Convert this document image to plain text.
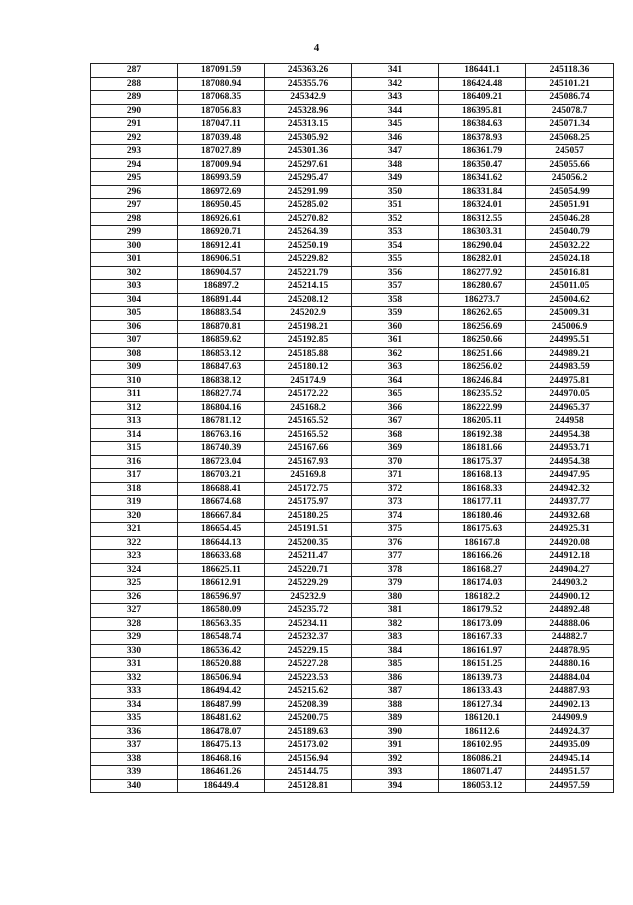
4
287	187091.59	245363.26	341	186441.1	245118.36
288	187080.94	245355.76	342	186424.48	245101.21
289	187068.35	245342.9	343	186409.21	245086.74
290	187056.83	245328.96	344	186395.81	245078.7
291	187047.11	245313.15	345	186384.63	245071.34
292	187039.48	245305.92	346	186378.93	245068.25
293	187027.89	245301.36	347	186361.79	245057
294	187009.94	245297.61	348	186350.47	245055.66
295	186993.59	245295.47	349	186341.62	245056.2
296	186972.69	245291.99	350	186331.84	245054.99
297	186950.45	245285.02	351	186324.01	245051.91
298	186926.61	245270.82	352	186312.55	245046.28
299	186920.71	245264.39	353	186303.31	245040.79
300	186912.41	245250.19	354	186290.04	245032.22
301	186906.51	245229.82	355	186282.01	245024.18
302	186904.57	245221.79	356	186277.92	245016.81
303	186897.2	245214.15	357	186280.67	245011.05
304	186891.44	245208.12	358	186273.7	245004.62
305	186883.54	245202.9	359	186262.65	245009.31
306	186870.81	245198.21	360	186256.69	245006.9
307	186859.62	245192.85	361	186250.66	244995.51
308	186853.12	245185.88	362	186251.66	244989.21
309	186847.63	245180.12	363	186256.02	244983.59
310	186838.12	245174.9	364	186246.84	244975.81
311	186827.74	245172.22	365	186235.52	244970.05
312	186804.16	245168.2	366	186222.99	244965.37
313	186781.12	245165.52	367	186205.11	244958
314	186763.16	245165.52	368	186192.38	244954.38
315	186740.39	245167.66	369	186181.66	244953.71
316	186723.04	245167.93	370	186175.37	244954.38
317	186703.21	245169.8	371	186168.13	244947.95
318	186688.41	245172.75	372	186168.33	244942.32
319	186674.68	245175.97	373	186177.11	244937.77
320	186667.84	245180.25	374	186180.46	244932.68
321	186654.45	245191.51	375	186175.63	244925.31
322	186644.13	245200.35	376	186167.8	244920.08
323	186633.68	245211.47	377	186166.26	244912.18
324	186625.11	245220.71	378	186168.27	244904.27
325	186612.91	245229.29	379	186174.03	244903.2
326	186596.97	245232.9	380	186182.2	244900.12
327	186580.09	245235.72	381	186179.52	244892.48
328	186563.35	245234.11	382	186173.09	244888.06
329	186548.74	245232.37	383	186167.33	244882.7
330	186536.42	245229.15	384	186161.97	244878.95
331	186520.88	245227.28	385	186151.25	244880.16
332	186506.94	245223.53	386	186139.73	244884.04
333	186494.42	245215.62	387	186133.43	244887.93
334	186487.99	245208.39	388	186127.34	244902.13
335	186481.62	245200.75	389	186120.1	244909.9
336	186478.07	245189.63	390	186112.6	244924.37
337	186475.13	245173.02	391	186102.95	244935.09
338	186468.16	245156.94	392	186086.21	244945.14
339	186461.26	245144.75	393	186071.47	244951.57
340	186449.4	245128.81	394	186053.12	244957.59
